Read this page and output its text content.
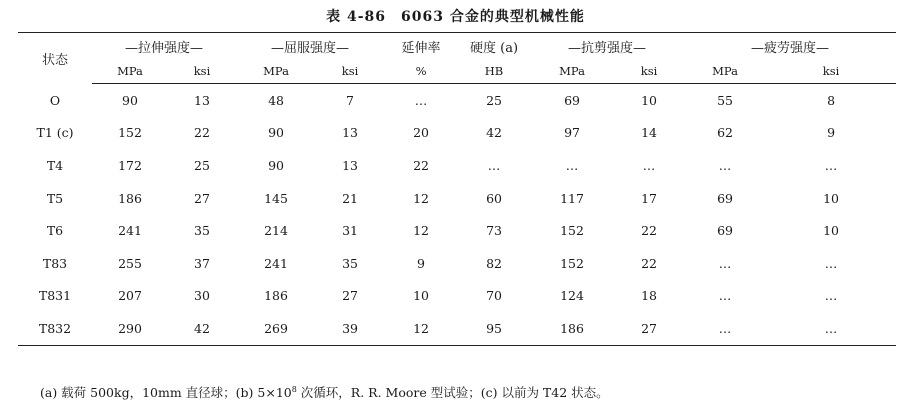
表 4-86　6063 合金的典型机械性能
状态	—拉伸强度—		—屈服强度—		延伸率	硬度 (a)	—抗剪强度—		—疲劳强度—	
	MPa	ksi	MPa	ksi	%	HB	MPa	ksi	MPa	ksi
O	90	13	48	7	…	25	69	10	55	8
T1 (c)	152	22	90	13	20	42	97	14	62	9
T4	172	25	90	13	22	…	…	…	…	…
T5	186	27	145	21	12	60	117	17	69	10
T6	241	35	214	31	12	73	152	22	69	10
T83	255	37	241	35	9	82	152	22	…	…
T831	207	30	186	27	10	70	124	18	…	…
T832	290	42	269	39	12	95	186	27	…	…
(a) 载荷 500kg，10mm 直径球；(b) $5\times 10^8$ 次循环，R. R. Moore 型试验；(c) 以前为 T42 状态。
